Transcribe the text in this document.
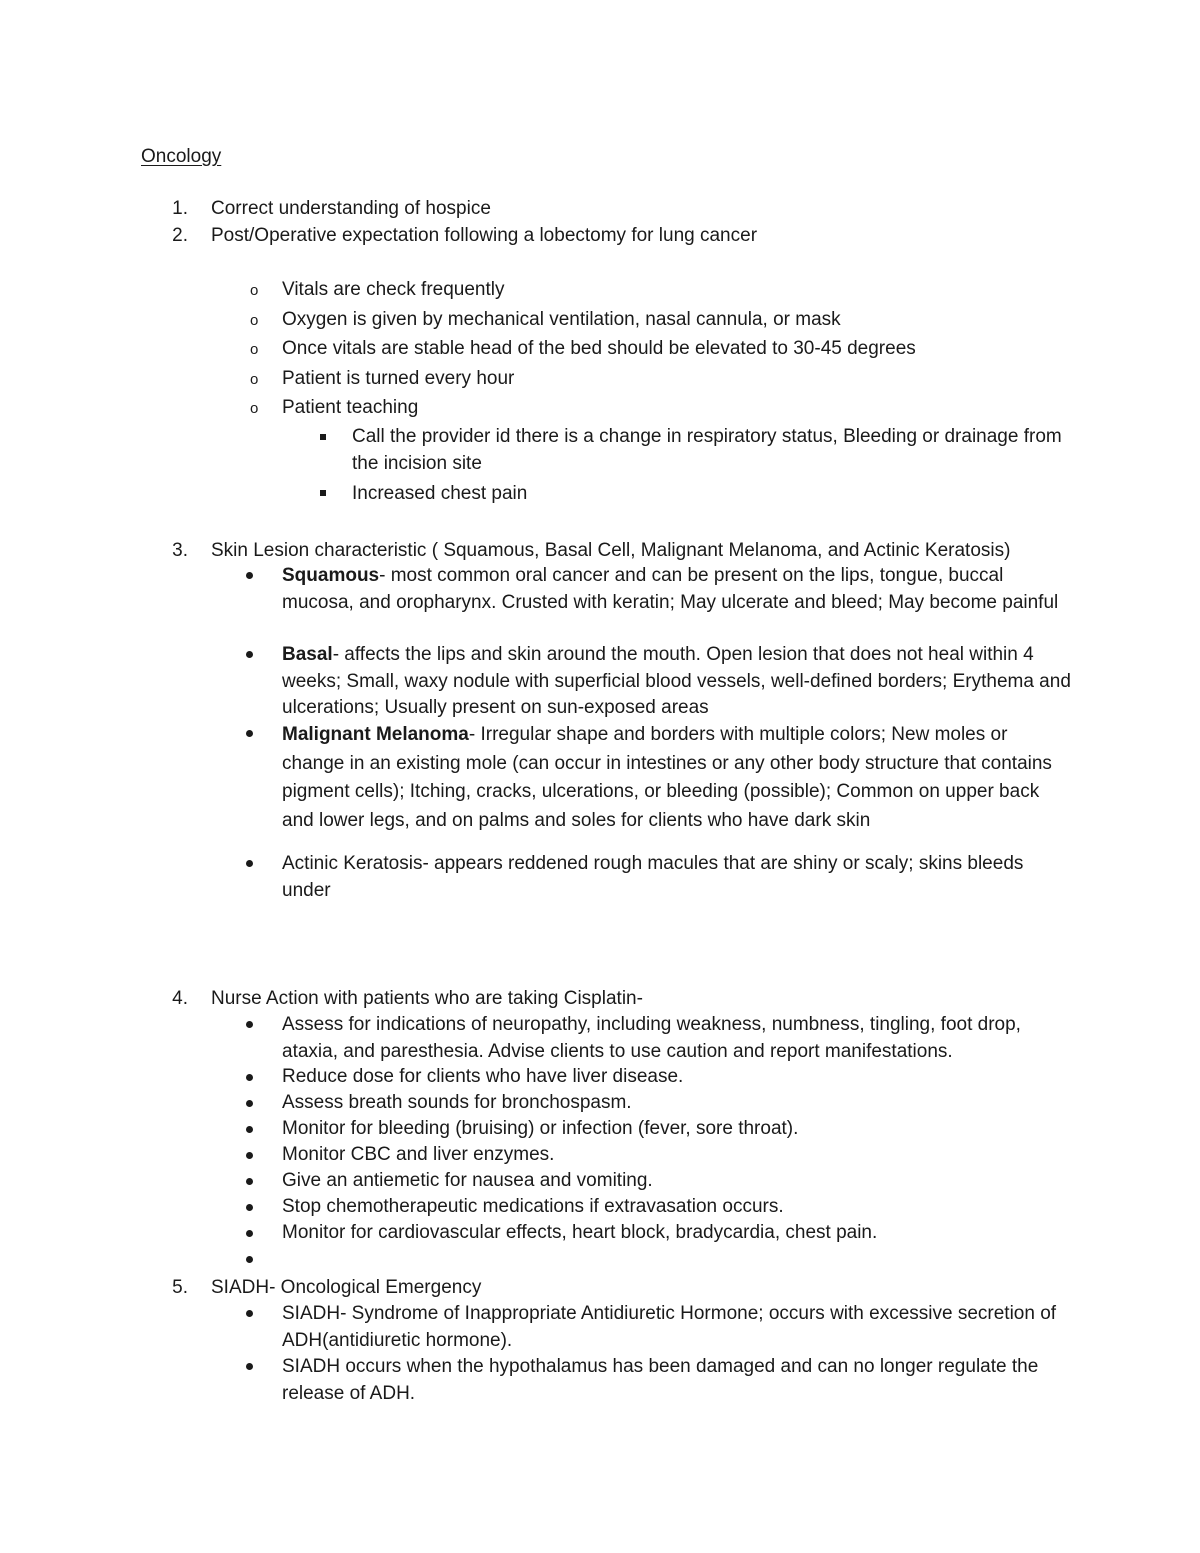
Oncology
1. Correct understanding of hospice
2. Post/Operative expectation following a lobectomy for lung cancer
o Vitals are check frequently
o Oxygen is given by mechanical ventilation, nasal cannula, or mask
o Once vitals are stable head of the bed should be elevated to 30-45 degrees
o Patient is turned every hour
o Patient teaching
Call the provider id there is a change in respiratory status, Bleeding or drainage from the incision site
Increased chest pain
3. Skin Lesion characteristic ( Squamous, Basal Cell, Malignant Melanoma, and Actinic Keratosis)
Squamous- most common oral cancer and can be present on the lips, tongue, buccal mucosa, and oropharynx. Crusted with keratin; May ulcerate and bleed; May become painful
Basal- affects the lips and skin around the mouth. Open lesion that does not heal within 4 weeks; Small, waxy nodule with superficial blood vessels, well-defined borders; Erythema and ulcerations; Usually present on sun-exposed areas
Malignant Melanoma- Irregular shape and borders with multiple colors; New moles or change in an existing mole (can occur in intestines or any other body structure that contains pigment cells); Itching, cracks, ulcerations, or bleeding (possible); Common on upper back and lower legs, and on palms and soles for clients who have dark skin
Actinic Keratosis- appears reddened rough macules that are shiny or scaly; skins bleeds under
4. Nurse Action with patients who are taking Cisplatin-
Assess for indications of neuropathy, including weakness, numbness, tingling, foot drop, ataxia, and paresthesia. Advise clients to use caution and report manifestations.
Reduce dose for clients who have liver disease.
Assess breath sounds for bronchospasm.
Monitor for bleeding (bruising) or infection (fever, sore throat).
Monitor CBC and liver enzymes.
Give an antiemetic for nausea and vomiting.
Stop chemotherapeutic medications if extravasation occurs.
Monitor for cardiovascular effects, heart block, bradycardia, chest pain.
5. SIADH- Oncological Emergency
SIADH- Syndrome of Inappropriate Antidiuretic Hormone; occurs with excessive secretion of ADH(antidiuretic hormone).
SIADH occurs when the hypothalamus has been damaged and can no longer regulate the release of ADH.
